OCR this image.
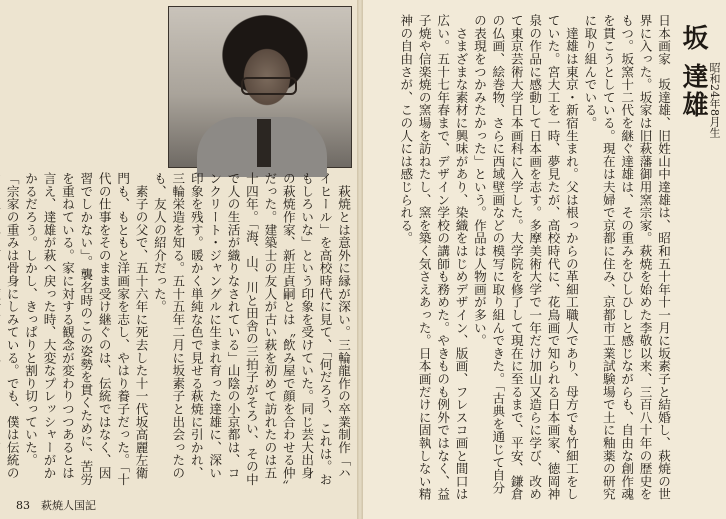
坂 達雄 昭和24年8月生
日本画家　坂達雄、旧姓山中達雄は、昭和五十年十一月に坂素子と結婚し、萩焼の世界に入った。坂家は旧萩藩御用窯宗家。萩焼を始めた李敬以来、三百八十年の歴史をもつ。坂窯十二代を継ぐ達雄は、その重みをひしひしと感じながらも、自由な創作魂を貫こうとしている。現在は夫婦で京都に住み、京都市工業試験場で土に釉薬の研究に取り組んでいる。
　達雄は東京・新宿生まれ。父は根っからの革細工職人であり、母方でも竹細工をしていた。宮大工を一時、夢見たが、高校時代に、花鳥画で知られる日本画家、徳岡神泉の作品に感動して日本画を志す。多摩美術大学で一年だけ加山又造らに学び、改めて東京芸術大学日本画科に入学した。大学院を修了して現在に至るまで、平安、鎌倉の仏画、絵巻物、さらに西域壁画などの模写に取り組んできた。「古典を通じて自分の表現をつかみたかった」という。作品は人物画が多い。
　さまざまな素材に興味があり、染織をはじめデザイン、版画、フレスコ画と間口は広い。五十七年春まで、デザイン学校の講師も務めた。やきものも例外ではなく、益子焼や信楽焼の窯場を訪ねたし、窯を築く気さえあった。日本画だけに固執しない精神の自由さが、この人には感じられる。
　萩焼とは意外に縁が深い。三輪龍作の卒業制作「ハイヒール」を高校時代に見て、「何だろう、これは。おもしろいな」という印象を受けていた。同じ芸大出身の萩焼作家、新庄貞嗣とは〝飲み屋で顔を合わせる仲〟だった。建築士の友人が古い萩を初めて訪れたのは五十四年。「海、山、川と田舎の三拍子がそろい、その中で人の生活が織りなされている」山陰の小京都は、コンクリート・ジャングルに生まれ育った達雄に、深い印象を残す。暖かく単純な色で見せる萩焼に引かれ、三輪栄造を知る。五十五年二月に坂素子と出会ったのも、友人の紹介だった。
　素子の父で、五十六年に死去した十一代坂高麗左衛門も、もともと洋画家を志し、やはり養子だった。「十代の仕事をそのまま受け継ぐのは、伝統ではなく、因習でしかない」。襲名時のこの姿勢を貫くために、苦労を重ねている。家に対する観念が変わりつつあるとは言え、達雄が萩へ戻った時、大変なプレッシャーがかかるだろう。しかし、きっぱりと割り切っていた。
「宗家の重みは骨身にしみている。でも、僕は伝統の
83　萩焼人国記
